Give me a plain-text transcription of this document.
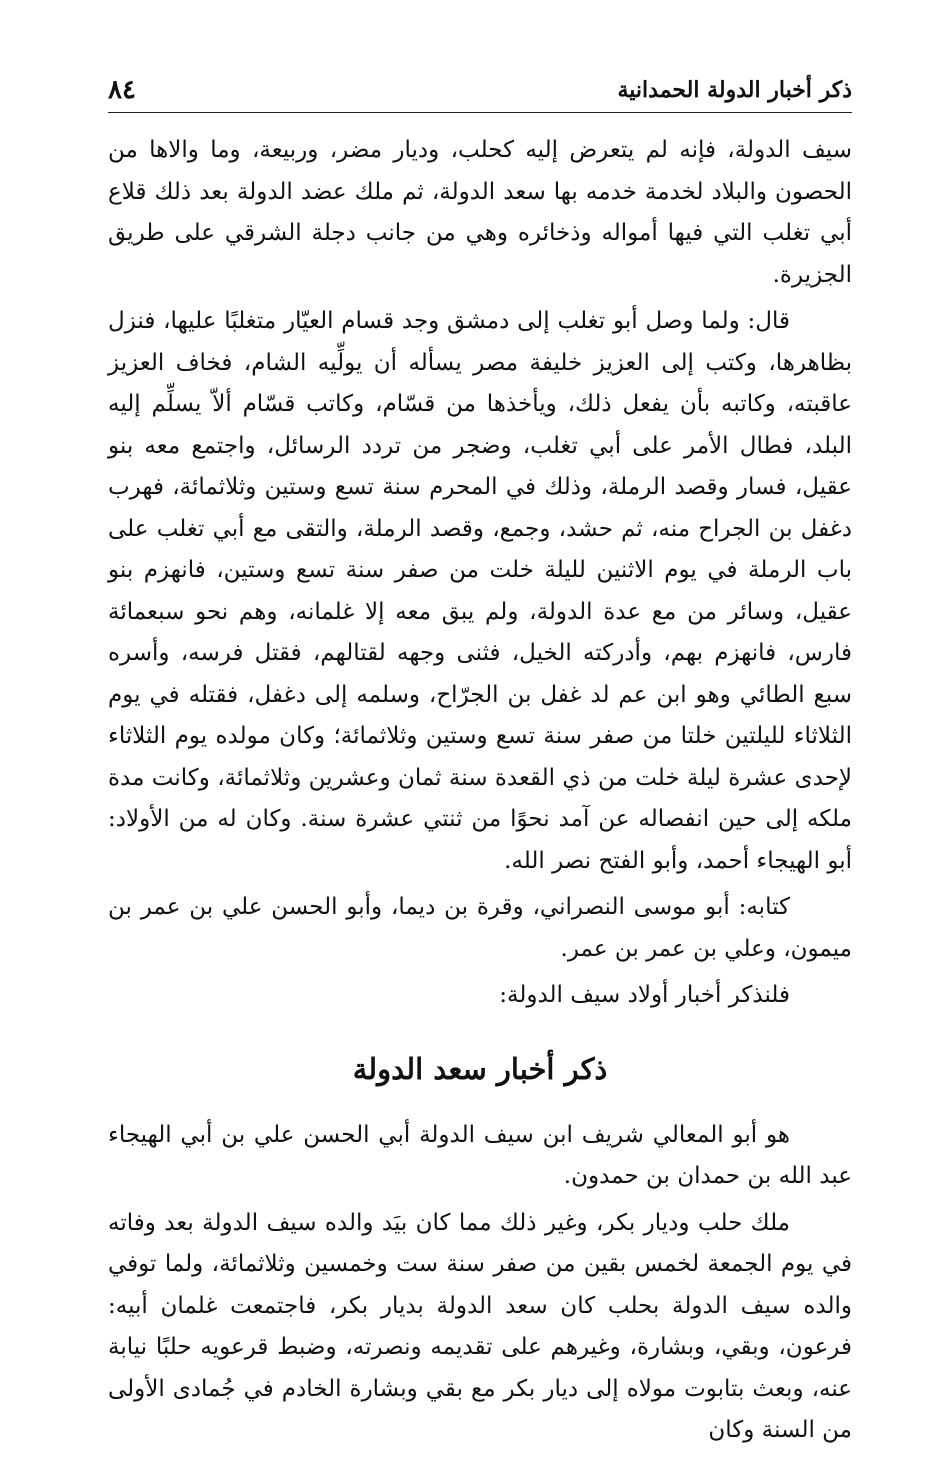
ذكر أخبار الدولة الحمدانية
٨٤

سيف الدولة، فإنه لم يتعرض إليه كحلب، وديار مضر، وربيعة، وما والاها من الحصون والبلاد لخدمة خدمه بها سعد الدولة، ثم ملك عضد الدولة بعد ذلك قلاع أبي تغلب التي فيها أمواله وذخائره وهي من جانب دجلة الشرقي على طريق الجزيرة.

قال: ولما وصل أبو تغلب إلى دمشق وجد قسام العيّار متغلبًا عليها، فنزل بظاهرها، وكتب إلى العزيز خليفة مصر يسأله أن يولِّيه الشام، فخاف العزيز عاقبته، وكاتبه بأن يفعل ذلك، ويأخذها من قسّام، وكاتب قسّام ألاّ يسلِّم إليه البلد، فطال الأمر على أبي تغلب، وضجر من تردد الرسائل، واجتمع معه بنو عقيل، فسار وقصد الرملة، وذلك في المحرم سنة تسع وستين وثلاثمائة، فهرب دغفل بن الجراح منه، ثم حشد، وجمع، وقصد الرملة، والتقى مع أبي تغلب على باب الرملة في يوم الاثنين لليلة خلت من صفر سنة تسع وستين، فانهزم بنو عقيل، وسائر من مع عدة الدولة، ولم يبق معه إلا غلمانه، وهم نحو سبعمائة فارس، فانهزم بهم، وأدركته الخيل، فثنى وجهه لقتالهم، فقتل فرسه، وأسره سبع الطائي وهو ابن عم لد غفل بن الجرّاح، وسلمه إلى دغفل، فقتله في يوم الثلاثاء لليلتين خلتا من صفر سنة تسع وستين وثلاثمائة؛ وكان مولده يوم الثلاثاء لإحدى عشرة ليلة خلت من ذي القعدة سنة ثمان وعشرين وثلاثمائة، وكانت مدة ملكه إلى حين انفصاله عن آمد نحوًا من ثنتي عشرة سنة. وكان له من الأولاد: أبو الهيجاء أحمد، وأبو الفتح نصر الله.

كتابه: أبو موسى النصراني، وقرة بن ديما، وأبو الحسن علي بن عمر بن ميمون، وعلي بن عمر بن عمر.

فلنذكر أخبار أولاد سيف الدولة:

ذكر أخبار سعد الدولة

هو أبو المعالي شريف ابن سيف الدولة أبي الحسن علي بن أبي الهيجاء عبد الله بن حمدان بن حمدون.

ملك حلب وديار بكر، وغير ذلك مما كان بيَد والده سيف الدولة بعد وفاته في يوم الجمعة لخمس بقين من صفر سنة ست وخمسين وثلاثمائة، ولما توفي والده سيف الدولة بحلب كان سعد الدولة بديار بكر، فاجتمعت غلمان أبيه: فرعون، وبقي، وبشارة، وغيرهم على تقديمه ونصرته، وضبط قرعويه حلبًا نيابة عنه، وبعث بتابوت مولاه إلى ديار بكر مع بقي وبشارة الخادم في جُمادى الأولى من السنة وكان
